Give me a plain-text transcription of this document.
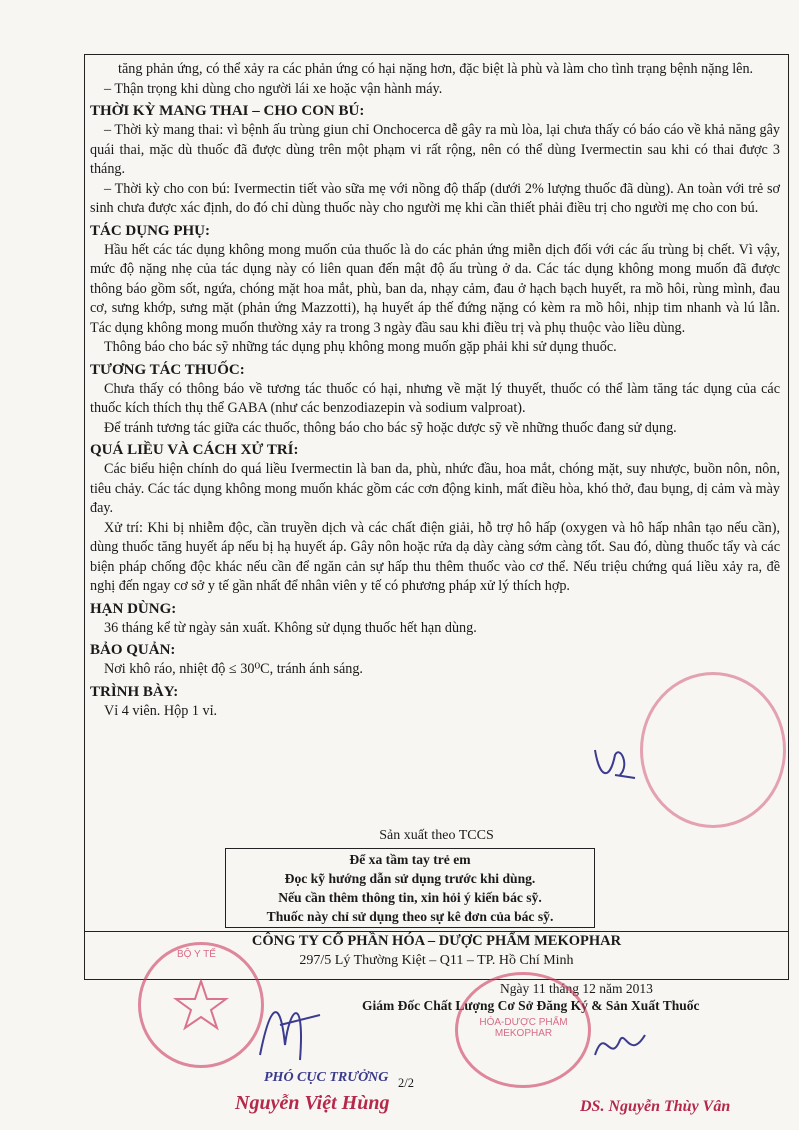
tăng phản ứng, có thể xảy ra các phản ứng có hại nặng hơn, đặc biệt là phù và làm cho tình trạng bệnh nặng lên.

– Thận trọng khi dùng cho người lái xe hoặc vận hành máy.

THỜI KỲ MANG THAI – CHO CON BÚ:

– Thời kỳ mang thai: vì bệnh ấu trùng giun chỉ Onchocerca dễ gây ra mù lòa, lại chưa thấy có báo cáo về khả năng gây quái thai, mặc dù thuốc đã được dùng trên một phạm vi rất rộng, nên có thể dùng Ivermectin sau khi có thai được 3 tháng.

– Thời kỳ cho con bú: Ivermectin tiết vào sữa mẹ với nồng độ thấp (dưới 2% lượng thuốc đã dùng). An toàn với trẻ sơ sinh chưa được xác định, do đó chỉ dùng thuốc này cho người mẹ khi cần thiết phải điều trị cho người mẹ cho con bú.

TÁC DỤNG PHỤ:

Hầu hết các tác dụng không mong muốn của thuốc là do các phản ứng miễn dịch đối với các ấu trùng bị chết. Vì vậy, mức độ nặng nhẹ của tác dụng này có liên quan đến mật độ ấu trùng ở da. Các tác dụng không mong muốn đã được thông báo gồm sốt, ngứa, chóng mặt hoa mắt, phù, ban da, nhạy cảm, đau ở hạch bạch huyết, ra mồ hôi, rùng mình, đau cơ, sưng khớp, sưng mặt (phản ứng Mazzotti), hạ huyết áp thế đứng nặng có kèm ra mồ hôi, nhịp tim nhanh và lú lẫn. Tác dụng không mong muốn thường xảy ra trong 3 ngày đầu sau khi điều trị và phụ thuộc vào liều dùng.

Thông báo cho bác sỹ những tác dụng phụ không mong muốn gặp phải khi sử dụng thuốc.

TƯƠNG TÁC THUỐC:

Chưa thấy có thông báo về tương tác thuốc có hại, nhưng về mặt lý thuyết, thuốc có thể làm tăng tác dụng của các thuốc kích thích thụ thể GABA (như các benzodiazepin và sodium valproat).

Để tránh tương tác giữa các thuốc, thông báo cho bác sỹ hoặc dược sỹ về những thuốc đang sử dụng.

QUÁ LIỀU VÀ CÁCH XỬ TRÍ:

Các biểu hiện chính do quá liều Ivermectin là ban da, phù, nhức đầu, hoa mắt, chóng mặt, suy nhược, buồn nôn, nôn, tiêu chảy. Các tác dụng không mong muốn khác gồm các cơn động kinh, mất điều hòa, khó thở, đau bụng, dị cảm và mày đay.

Xử trí: Khi bị nhiễm độc, cần truyền dịch và các chất điện giải, hỗ trợ hô hấp (oxygen và hô hấp nhân tạo nếu cần), dùng thuốc tăng huyết áp nếu bị hạ huyết áp. Gây nôn hoặc rửa dạ dày càng sớm càng tốt. Sau đó, dùng thuốc tẩy và các biện pháp chống độc khác nếu cần để ngăn cản sự hấp thu thêm thuốc vào cơ thể. Nếu triệu chứng quá liều xảy ra, đề nghị đến ngay cơ sở y tế gần nhất để nhân viên y tế có phương pháp xử lý thích hợp.

HẠN DÙNG:

36 tháng kể từ ngày sản xuất. Không sử dụng thuốc hết hạn dùng.

BẢO QUẢN:

Nơi khô ráo, nhiệt độ ≤ 30⁰C, tránh ánh sáng.

TRÌNH BÀY:

Vỉ 4 viên. Hộp 1 vỉ.

Sản xuất theo TCCS
Để xa tầm tay trẻ em
Đọc kỹ hướng dẫn sử dụng trước khi dùng.
Nếu cần thêm thông tin, xin hỏi ý kiến bác sỹ.
Thuốc này chỉ sử dụng theo sự kê đơn của bác sỹ.
CÔNG TY CỔ PHẦN HÓA – DƯỢC PHẨM MEKOPHAR
297/5 Lý Thường Kiệt – Q11 – TP. Hồ Chí Minh
Ngày 11 tháng 12 năm 2013
Giám Đốc Chất Lượng Cơ Sở Đăng Ký & Sản Xuất Thuốc
PHÓ CỤC TRƯỞNG
Nguyễn Việt Hùng	DS. Nguyễn Thùy Vân
2/2
BỘ Y TẾ
HÓA-DƯỢC PHẨM MEKOPHAR
